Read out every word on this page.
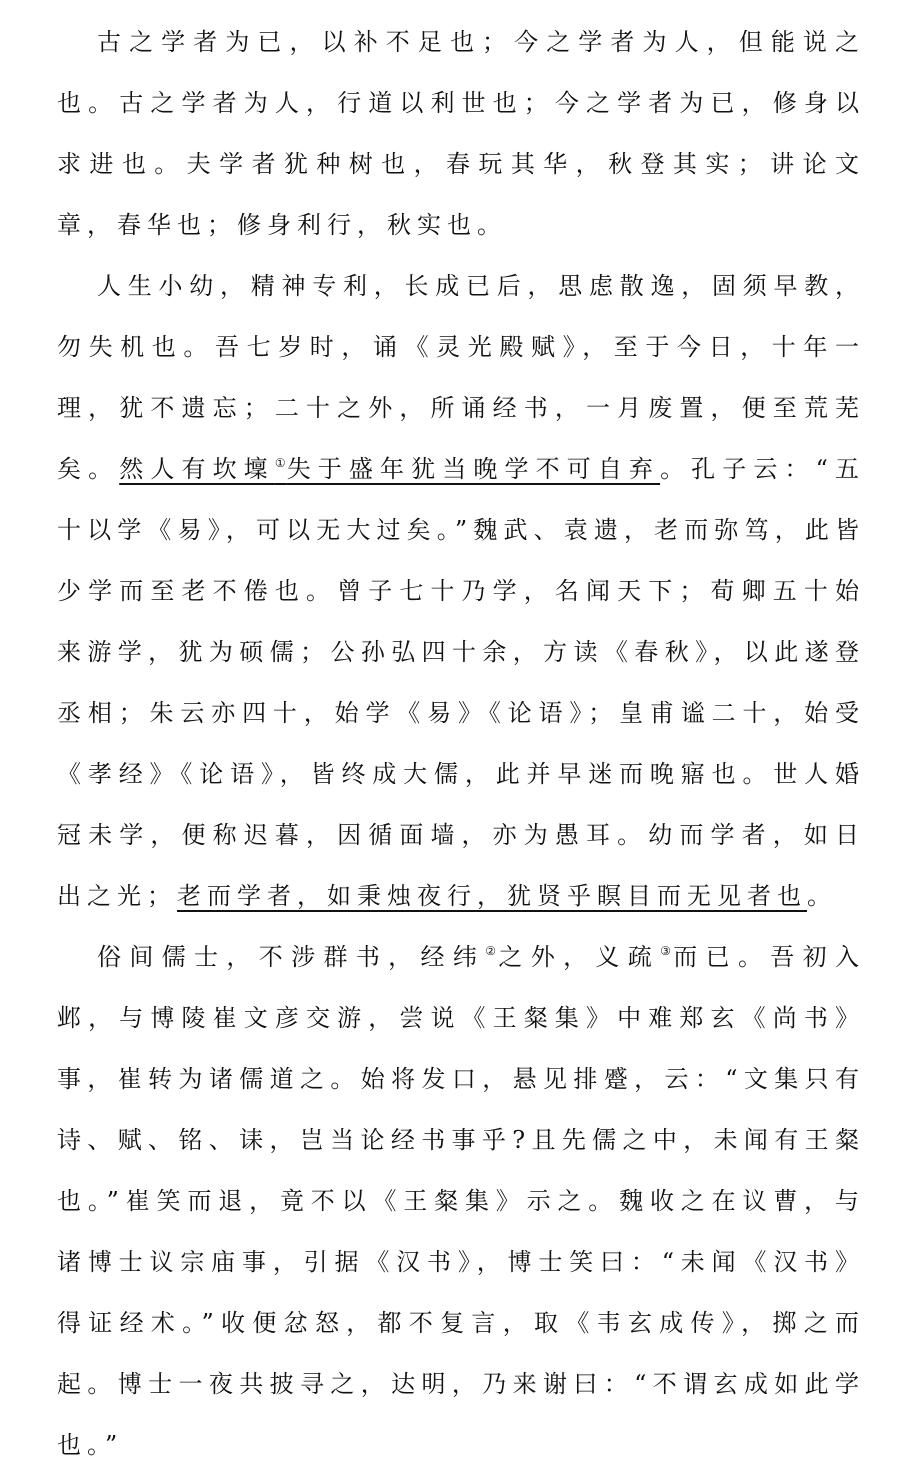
古之学者为已，以补不足也；今之学者为人，但能说之也。古之学者为人，行道以利世也；今之学者为已，修身以求进也。夫学者犹种树也，春玩其华，秋登其实；讲论文章，春华也；修身利行，秋实也。

人生小幼，精神专利，长成已后，思虑散逸，固须早教，勿失机也。吾七岁时，诵《灵光殿赋》，至于今日，十年一理，犹不遗忘；二十之外，所诵经书，一月废置，便至荒芜矣。然人有坎壈①失于盛年犹当晚学不可自弃。孔子云：“五十以学《易》，可以无大过矣。”魏武、袁遗，老而弥笃，此皆少学而至老不倦也。曾子七十乃学，名闻天下；荀卿五十始来游学，犹为硕儒；公孙弘四十余，方读《春秋》，以此遂登丞相；朱云亦四十，始学《易》《论语》；皇甫谧二十，始受《孝经》《论语》，皆终成大儒，此并早迷而晚寤也。世人婚冠未学，便称迟暮，因循面墙，亦为愚耳。幼而学者，如日出之光；老而学者，如秉烛夜行，犹贤乎瞑目而无见者也。

俗间儒士，不涉群书，经纬②之外，义疏③而已。吾初入邺，与博陵崔文彦交游，尝说《王粲集》中难郑玄《尚书》事，崔转为诸儒道之。始将发口，悬见排蹙，云：“文集只有诗、赋、铭、诔，岂当论经书事乎?且先儒之中，未闻有王粲也。”崔笑而退，竟不以《王粲集》示之。魏收之在议曹，与诸博士议宗庙事，引据《汉书》，博士笑曰：“未闻《汉书》得证经术。”收便忿怒，都不复言，取《韦玄成传》，掷之而起。博士一夜共披寻之，达明，乃来谢曰：“不谓玄成如此学也。”
